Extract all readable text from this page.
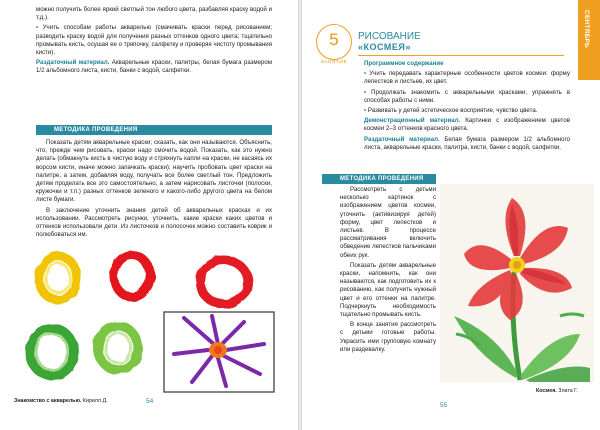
можно получить более яркий светлый тон любого цвета, разбавляя краску водой и т.д.).

• Учить способам работы акварелью (смачивать краски перед рисованием; разводить краску водой для получения разных оттенков одного цвета; тщательно промывать кисть, осушая ее о тряпочку, салфетку и проверяя чистоту промывания кисти).

Раздаточный материал. Акварельные краски, палитры, белая бумага размером 1/2 альбомного листа, кисти, банки с водой, салфетки.

МЕТОДИКА ПРОВЕДЕНИЯ

Показать детям акварельные краски; сказать, как они называются. Объяснить, что, прежде чем рисовать, краски надо смочить водой. Показать, как это нужно делать (обмакнуть кисть в чистую воду и стряхнуть капли на краски, не касаясь их ворсом кисти, иначе можно запачкать краски); научить пробовать цвет краски на палитре, а затем, добавляя воду, получать все более светлый тон. Предложить детям проделать все это самостоятельно, а затем нарисовать листочки (полоски, кружочки и т.п.) разных оттенков зеленого и какого-либо другого цвета на белом листе бумаги.

В заключение уточнить знания детей об акварельных красках и их использовании. Рассмотреть рисунки, уточнить, какие краски каких цветов и оттенков использовали дети. Из листочков и полосочек можно составить коврик и полюбоваться им.

Знакомство с акварелью. Кирилл Д.	54
СЕНТЯБРЬ
5
ЗАНЯТИЕ
РИСОВАНИЕ
«КОСМЕЯ»

Программное содержание

• Учить передавать характерные особенности цветов космеи: форму лепестков и листьев, их цвет.

• Продолжать знакомить с акварельными красками, упражнять в способах работы с ними.

• Развивать у детей эстетическое восприятие, чувство цвета.

Демонстрационный материал. Картинки с изображением цветов космеи 2–3 оттенков красного цвета.

Раздаточный материал. Белая бумага размером 1/2 альбомного листа, акварельные краски, палитра, кисти, банки с водой, салфетки.

МЕТОДИКА ПРОВЕДЕНИЯ

Рассмотреть с детьми несколько картинок с изображением цветов космеи, уточнить (активизируя детей) форму, цвет лепестков и листьев. В процессе рассматривания включить обведение лепестков пальчиками обеих рук.

Показать детям акварельные краски, напомнить, как они называются, как подготовить их к рисованию, как получить нужный цвет и его оттенки на палитре. Подчеркнуть необходимость тщательно промывать кисть.

В конце занятия рассмотреть с детьми готовые работы. Украсить ими групповую комнату или раздевалку.

Космея. Злата Г.
55
